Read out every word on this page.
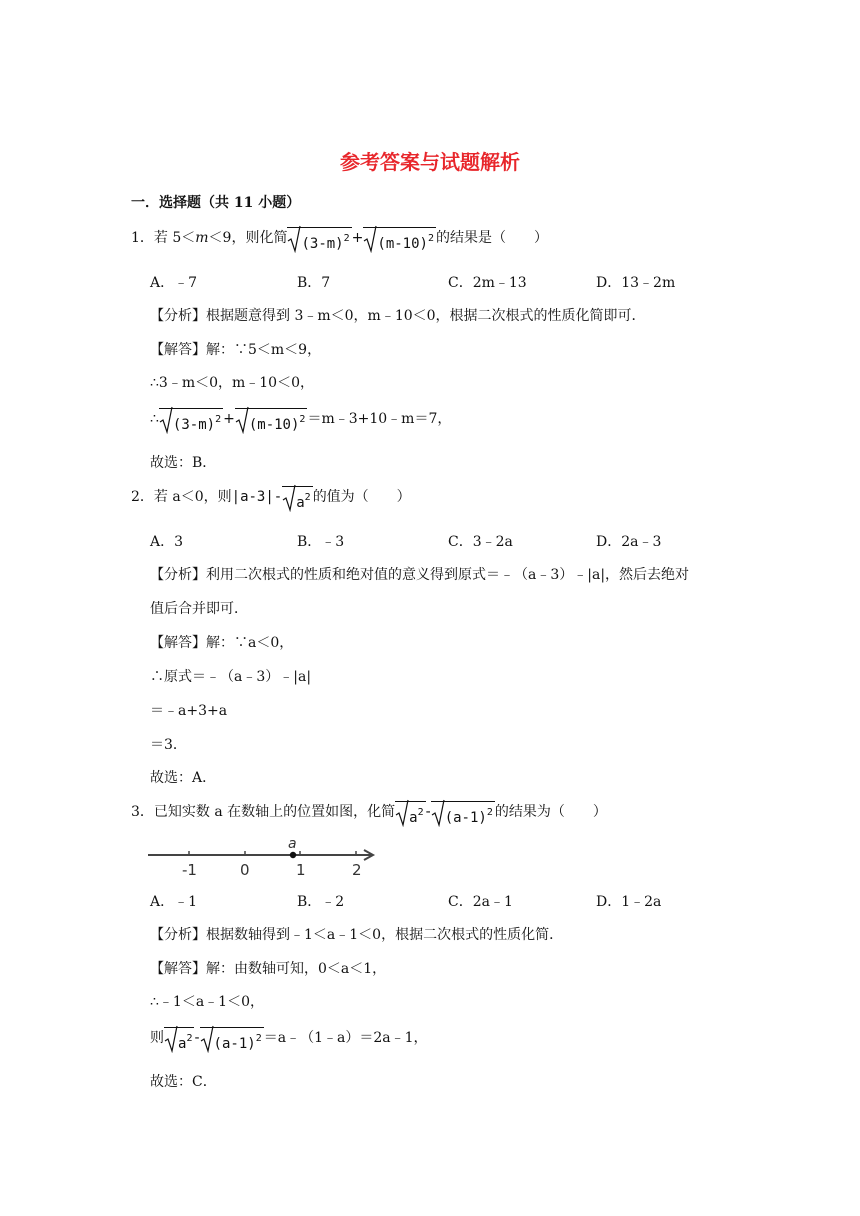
参考答案与试题解析
一．选择题（共 11 小题）
1．若 5＜m＜9，则化简 $(3-m)^2 + (m-10)^2$ 的结果是（　　）
A．﹣7	B．7	C．2m﹣13	D．13﹣2m
【分析】根据题意得到 3﹣m＜0，m﹣10＜0，根据二次根式的性质化简即可．
【解答】解：∵5＜m＜9，
∴3﹣m＜0，m﹣10＜0，
∴ $(3-m)^2 + (m-10)^2$ ＝m﹣3+10﹣m＝7，
故选：B．
2．若 a＜0，则|a-3|- $a^2$ 的值为（　　）
A．3	B．﹣3	C．3﹣2a	D．2a﹣3
【分析】利用二次根式的性质和绝对值的意义得到原式＝﹣（a﹣3）﹣|a|，然后去绝对
值后合并即可．
【解答】解：∵a＜0，
∴原式＝﹣（a﹣3）﹣|a|
＝﹣a+3+a
＝3．
故选：A．
3．已知实数 a 在数轴上的位置如图，化简 $a^2 - (a-1)^2$ 的结果为（　　）
a
-1	0	1	2
A．﹣1	B．﹣2	C．2a﹣1	D．1﹣2a
【分析】根据数轴得到﹣1＜a﹣1＜0，根据二次根式的性质化简．
【解答】解：由数轴可知，0＜a＜1，
∴﹣1＜a﹣1＜0，
则 $a^2 - (a-1)^2$ ＝a﹣（1﹣a）＝2a﹣1，
故选：C．
